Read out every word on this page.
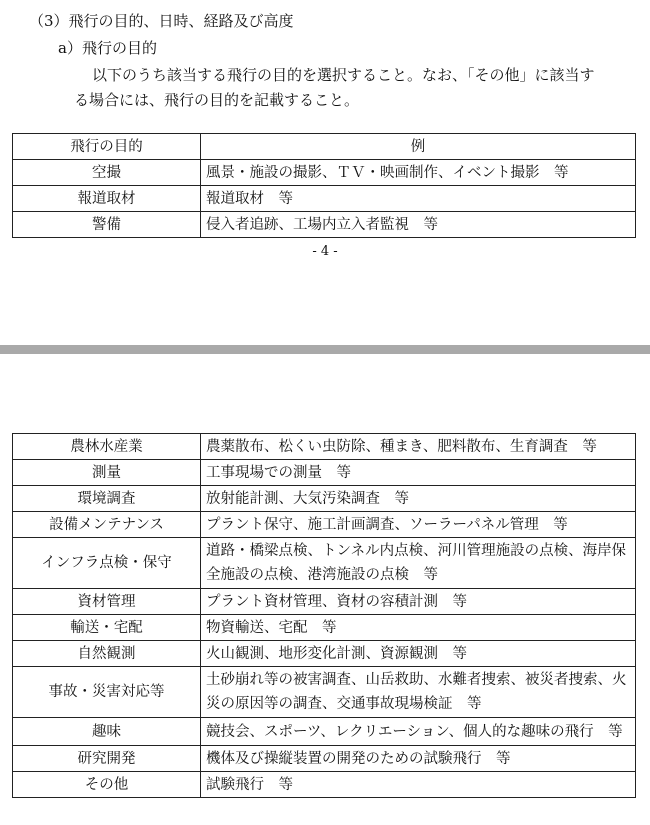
（3）飛行の目的、日時、経路及び高度
a）飛行の目的
以下のうち該当する飛行の目的を選択すること。なお、「その他」に該当す
る場合には、飛行の目的を記載すること。
飛行の目的	例
空撮	風景・施設の撮影、ＴＶ・映画制作、イベント撮影　等
報道取材	報道取材　等
警備	侵入者追跡、工場内立入者監視　等
- 4 -
農林水産業	農薬散布、松くい虫防除、種まき、肥料散布、生育調査　等
測量	工事現場での測量　等
環境調査	放射能計測、大気汚染調査　等
設備メンテナンス	プラント保守、施工計画調査、ソーラーパネル管理　等
インフラ点検・保守	道路・橋梁点検、トンネル内点検、河川管理施設の点検、海岸保全施設の点検、港湾施設の点検　等
資材管理	プラント資材管理、資材の容積計測　等
輸送・宅配	物資輸送、宅配　等
自然観測	火山観測、地形変化計測、資源観測　等
事故・災害対応等	土砂崩れ等の被害調査、山岳救助、水難者捜索、被災者捜索、火災の原因等の調査、交通事故現場検証　等
趣味	競技会、スポーツ、レクリエーション、個人的な趣味の飛行　等
研究開発	機体及び操縦装置の開発のための試験飛行　等
その他	試験飛行　等
